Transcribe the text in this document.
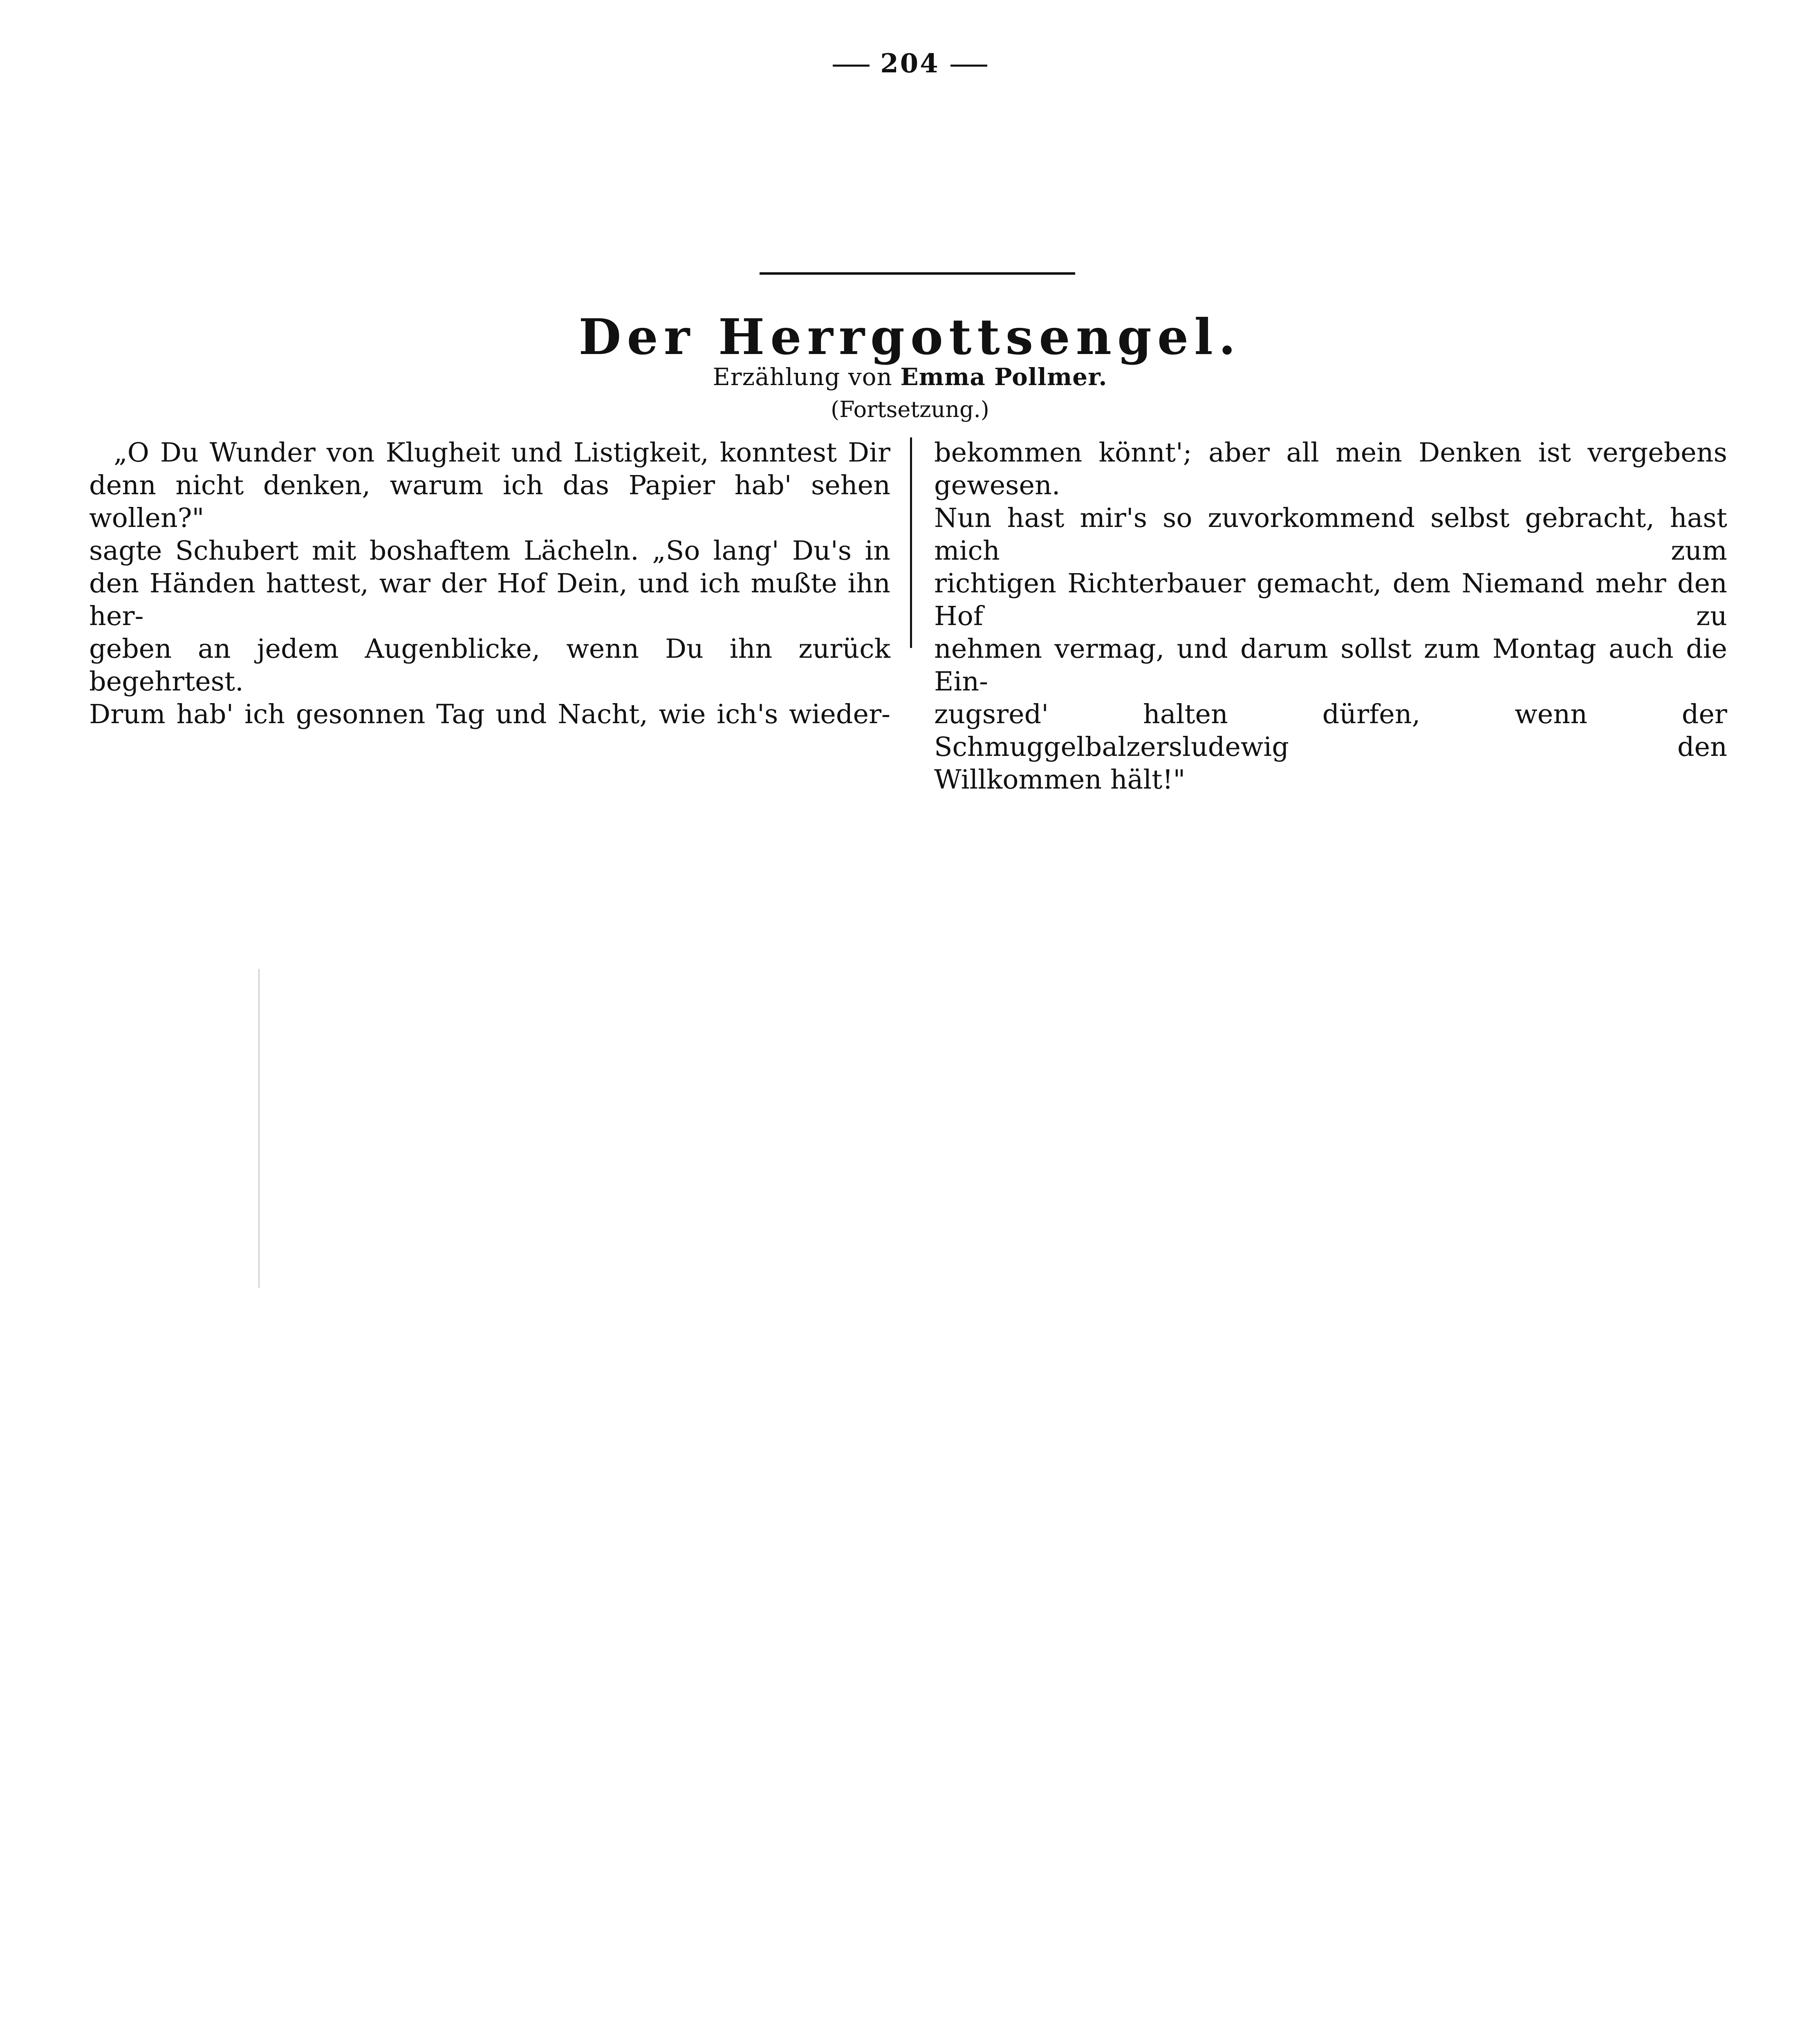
204
Der Herrgottsengel.
Erzählung von Emma Pollmer.
(Fortsetzung.)

„O Du Wunder von Klugheit und Listigkeit, konntest Dir

denn nicht denken, warum ich das Papier hab' sehen wollen?"

sagte Schubert mit boshaftem Lächeln. „So lang' Du's in

den Händen hattest, war der Hof Dein, und ich mußte ihn her-

geben an jedem Augenblicke, wenn Du ihn zurück begehrtest.

Drum hab' ich gesonnen Tag und Nacht, wie ich's wieder-

bekommen könnt'; aber all mein Denken ist vergebens gewesen.

Nun hast mir's so zuvorkommend selbst gebracht, hast mich zum

richtigen Richterbauer gemacht, dem Niemand mehr den Hof zu

nehmen vermag, und darum sollst zum Montag auch die Ein-

zugsred' halten dürfen, wenn der Schmuggelbalzersludewig den

Willkommen hält!"
